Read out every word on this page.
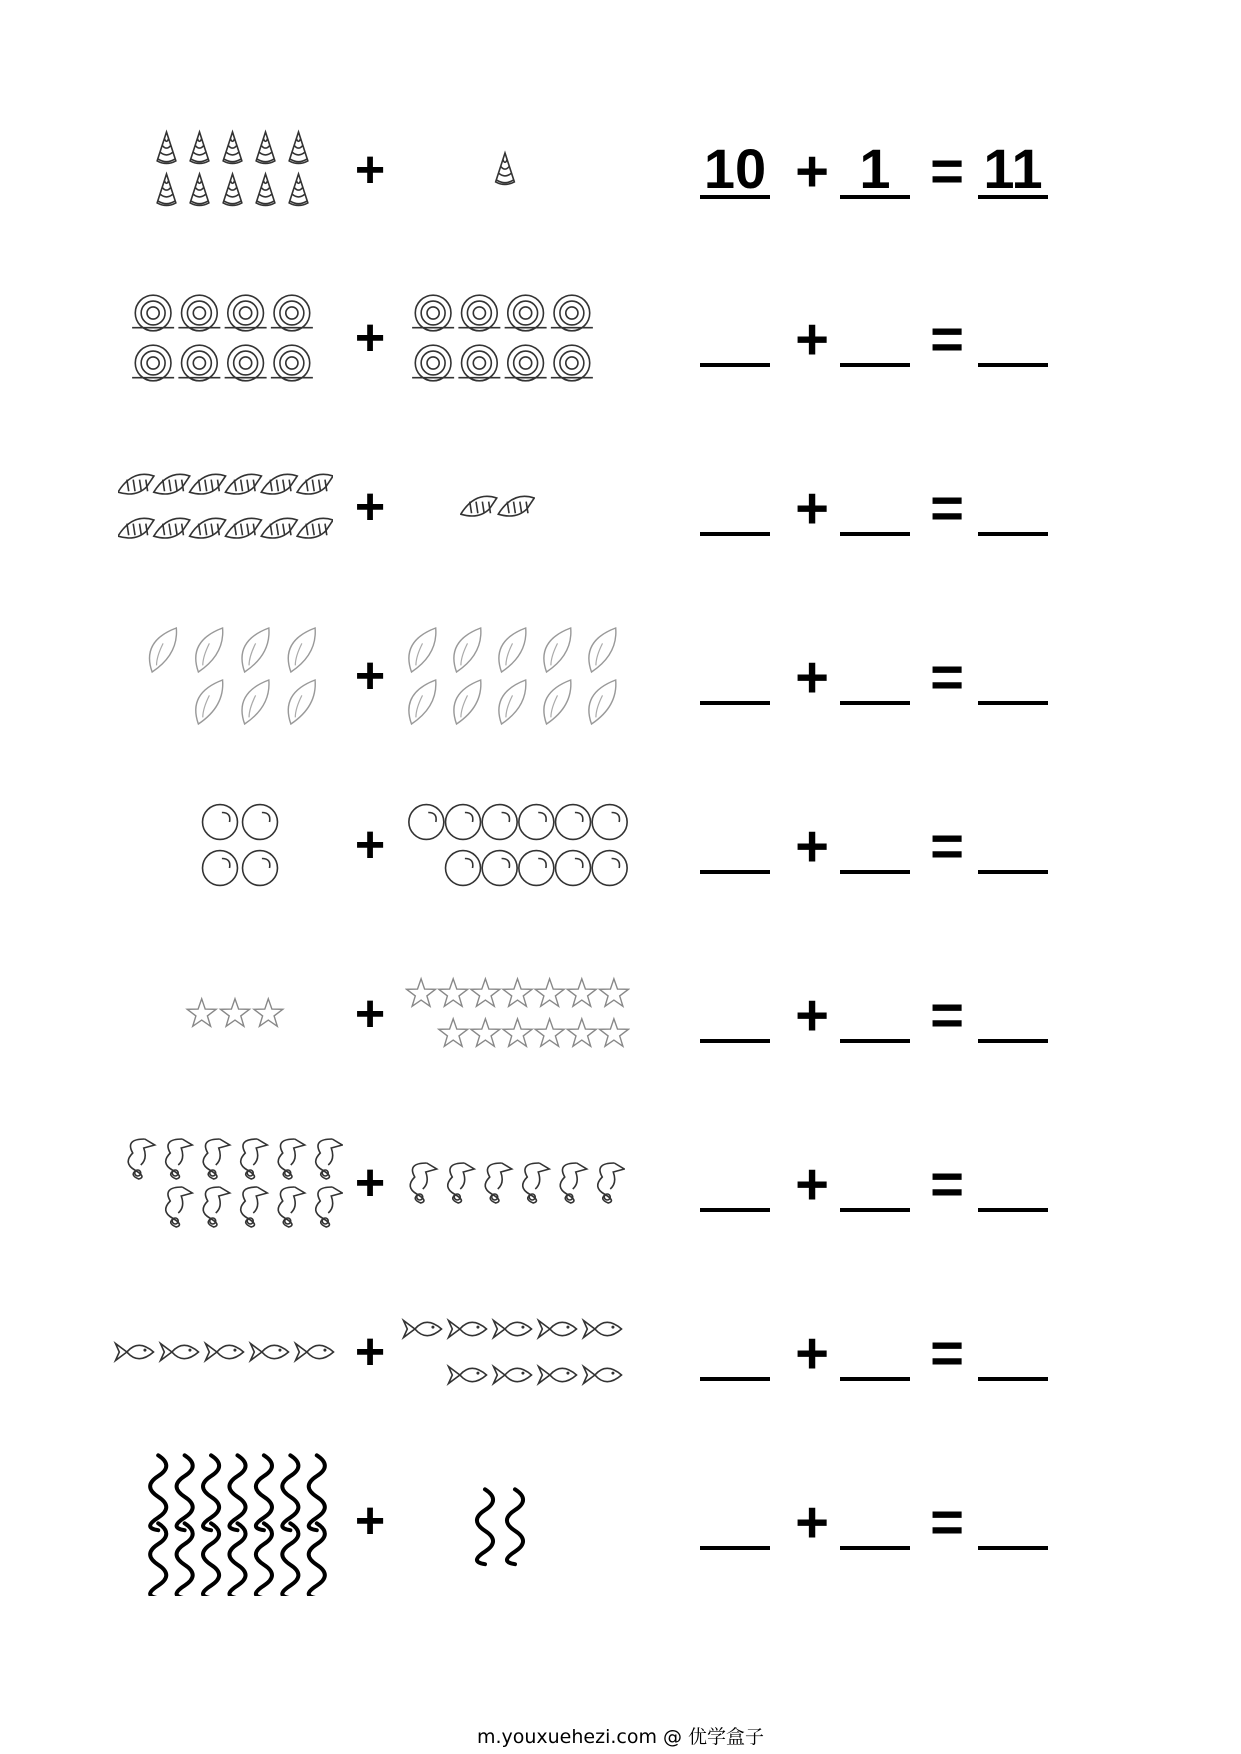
+	10 + 1 = 11
+	+ =
+	+ =
+	+ =
+	+ =
+	+ =
+	+ =
+	+ =
+	+ =
m.youxuehezi.com @ 优学盒子
